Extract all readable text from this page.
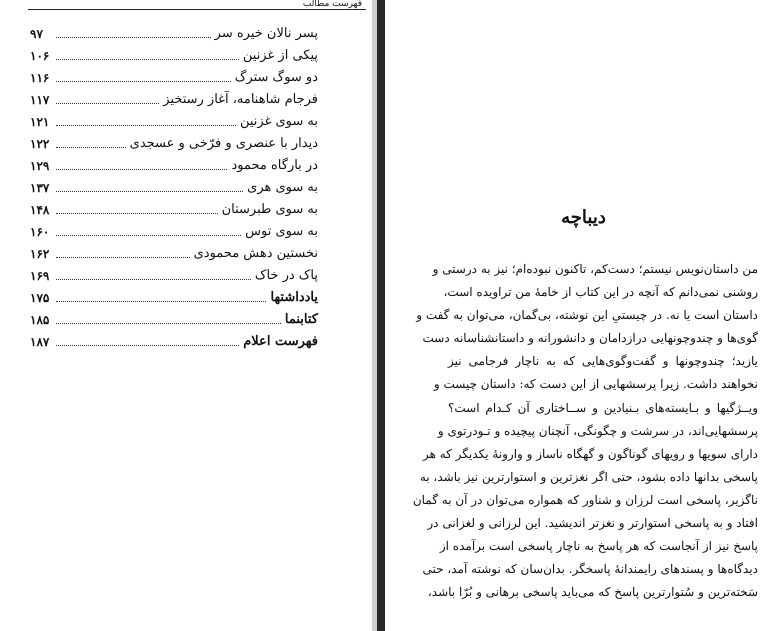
فهرست مطالب
پسر نالان خیره سر
۹۷
پیکی از غزنین
۱۰۶
دو سوگ سترگ
۱۱۶
فرجام شاهنامه، آغاز رستخیز
۱۱۷
به سوی غزنین
۱۲۱
دیدار با عنصری و فرّخی و عسجدی
۱۲۲
در بارگاه محمود
۱۲۹
به سوی هری
۱۳۷
به سوی طبرستان
۱۴۸
به سوی توس
۱۶۰
نخستین دهش محمودی
۱۶۲
پاک در خاک
۱۶۹
یادداشتها
۱۷۵
کتابنما
۱۸۵
فهرست اعلام
۱۸۷
دیباچه

من داستان‌نویس نیستم؛ دست‌کم، تاکنون نبوده‌ام؛ نیز به درستی و
روشنی نمی‌دانم که آنچه در این کتاب از خامهٔ من تراویده است،
داستان است یا نه. در چیستیِ این نوشته، بی‌گمان، می‌توان به گفت و
گوی‌ها و چندوچونهایی درازدامان و دانشورانه و داستانشناسانه دست
یازید؛ چندوچونها و گفت‌وگوی‌هایی که به ناچار فرجامی نیز
نخواهند داشت. زیرا پرسشهایی از این دست که: داستان چیست و
ویــژگیها و بـایسته‌های بـنیادین و ســاختاری آن کـدام است؟
پرسشهایی‌اند، در سرشت و چگونگی، آنچنان پیچیده و تـودرتوی و
دارای سویها و رویهای گوناگون و گهگاه ناساز و وارونهٔ یکدیگر که هر
پاسخی بدانها داده بشود، حتی اگر نغزترین و استوارترین نیز باشد، به
ناگزیر، پاسخی است لرزان و شناور که همواره می‌توان در آن به گمان
افتاد و به پاسخی استوارتر و نغزتر اندیشید. این لرزانی و لغزانی در
پاسخ نیز از آنجاست که هر پاسخ به ناچار پاسخی است برآمده از
دیدگاه‌ها و پسندهای رایمندانهٔ پاسخگر. بدان‌سان که نوشته آمد، حتی
سَخته‌ترین و سُتوارترین پاسخ که می‌باید پاسخی برهانی و بُرّا باشد،
